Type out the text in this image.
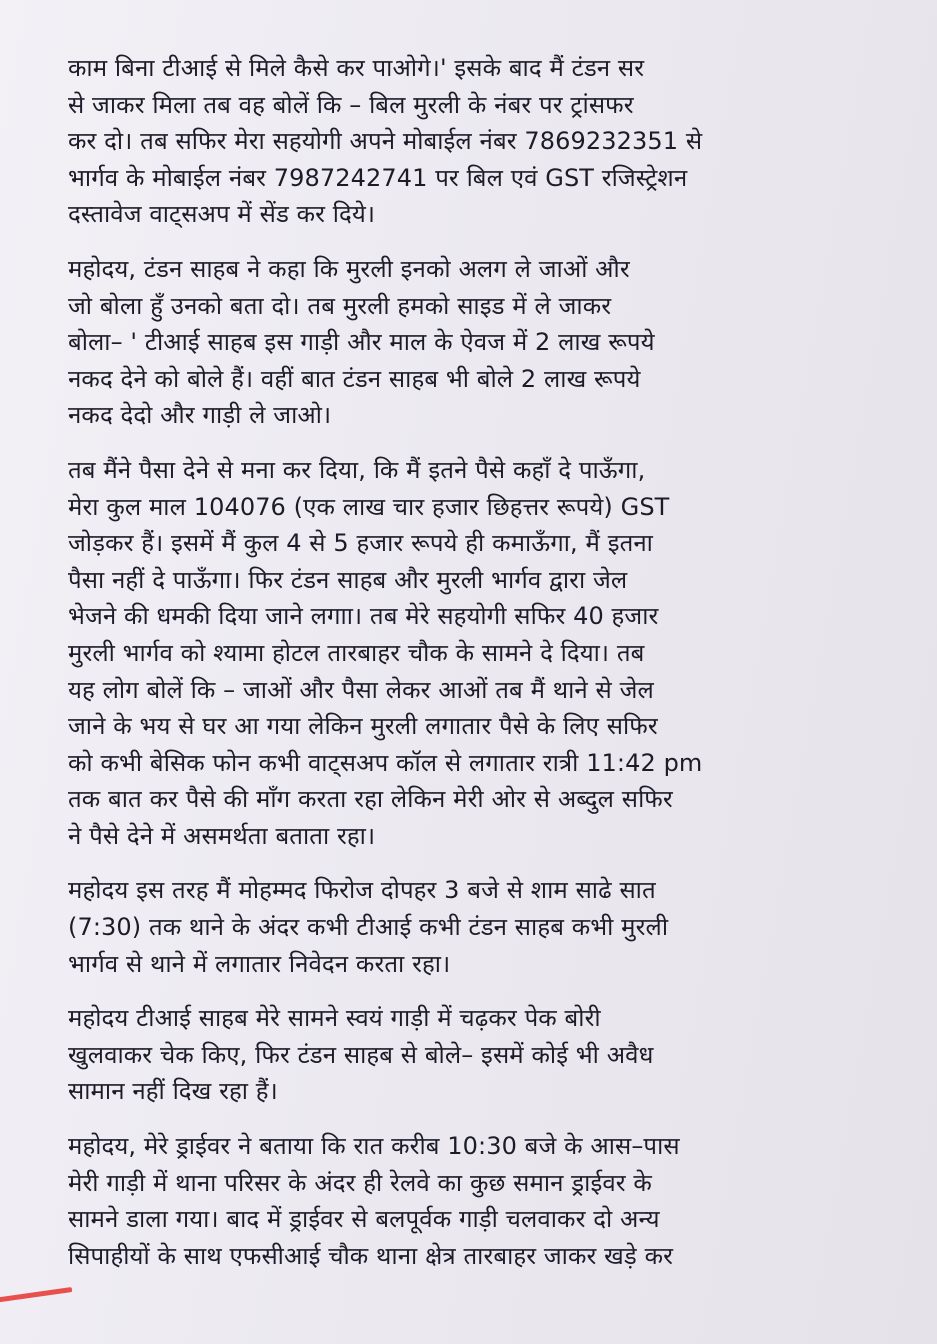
काम बिना टीआई से मिले कैसे कर पाओगे।' इसके बाद मैं टंडन सर
से जाकर मिला तब वह बोलें कि – बिल मुरली के नंबर पर ट्रांसफर
कर दो। तब सफिर मेरा सहयोगी अपने मोबाईल नंबर 7869232351 से
भार्गव के मोबाईल नंबर 7987242741 पर बिल एवं GST रजिस्ट्रेशन
दस्तावेज वाट्सअप में सेंड कर दिये।
महोदय, टंडन साहब ने कहा कि मुरली इनको अलग ले जाओं और
जो बोला हुँ उनको बता दो। तब मुरली हमको साइड में ले जाकर
बोला– ' टीआई साहब इस गाड़ी और माल के ऐवज में 2 लाख रूपये
नकद देने को बोले हैं। वहीं बात टंडन साहब भी बोले 2 लाख रूपये
नकद देदो और गाड़ी ले जाओ।
तब मैंने पैसा देने से मना कर दिया, कि मैं इतने पैसे कहाँ दे पाऊँगा,
मेरा कुल माल 104076 (एक लाख चार हजार छिहत्तर रूपये) GST
जोड़कर हैं। इसमें मैं कुल 4 से 5 हजार रूपये ही कमाऊँगा, मैं इतना
पैसा नहीं दे पाऊँगा। फिर टंडन साहब और मुरली भार्गव द्वारा जेल
भेजने की धमकी दिया जाने लगाा। तब मेरे सहयोगी सफिर 40 हजार
मुरली भार्गव को श्यामा होटल तारबाहर चौक के सामने दे दिया। तब
यह लोग बोलें कि – जाओं और पैसा लेकर आओं तब मैं थाने से जेल
जाने के भय से घर आ गया लेकिन मुरली लगातार पैसे के लिए सफिर
को कभी बेसिक फोन कभी वाट्सअप कॉल से लगातार रात्री 11:42 pm
तक बात कर पैसे की माँग करता रहा लेकिन मेरी ओर से अब्दुल सफिर
ने पैसे देने में असमर्थता बताता रहा।
महोदय इस तरह मैं मोहम्मद फिरोज दोपहर 3 बजे से शाम साढे सात
(7:30) तक थाने के अंदर कभी टीआई कभी टंडन साहब कभी मुरली
भार्गव से थाने में लगातार निवेदन करता रहा।
महोदय टीआई साहब मेरे सामने स्वयं गाड़ी में चढ़कर पेक बोरी
खुलवाकर चेक किए, फिर टंडन साहब से बोले– इसमें कोई भी अवैध
सामान नहीं दिख रहा हैं।
महोदय, मेरे ड्राईवर ने बताया कि रात करीब 10:30 बजे के आस–पास
मेरी गाड़ी में थाना परिसर के अंदर ही रेलवे का कुछ समान ड्राईवर के
सामने डाला गया। बाद में ड्राईवर से बलपूर्वक गाड़ी चलवाकर दो अन्य
सिपाहीयों के साथ एफसीआई चौक थाना क्षेत्र तारबाहर जाकर खड़े कर
